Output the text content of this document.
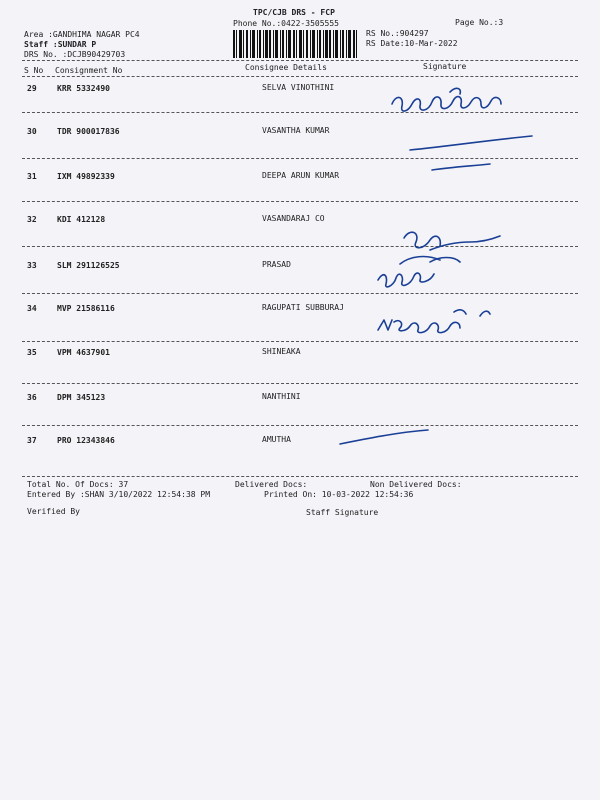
TPC/CJB DRS - FCP
Phone No.:0422-3505555	Page No.:3
Area :GANDHIMA NAGAR PC4
Staff :SUNDAR P
DRS No. :DCJB90429703
RS No.:904297
RS Date:10-Mar-2022
S No Consignment No	Consignee Details	Signature
29	KRR 5332490	SELVA VINOTHINI
30	TDR 900017836	VASANTHA KUMAR
31	IXM 49892339	DEEPA ARUN KUMAR
32	KDI 412128	VASANDARAJ CO
33	SLM 291126525	PRASAD
34	MVP 21586116	RAGUPATI SUBBURAJ
35	VPM 4637901	SHINEAKA
36	DPM 345123	NANTHINI
37	PRO 12343846	AMUTHA
Total No. Of Docs: 37	Delivered Docs:	Non Delivered Docs:
Entered By :SHAN 3/10/2022 12:54:38 PM	Printed On: 10-03-2022 12:54:36
Verified By	Staff Signature
Ragelkum
Tam
Rembatnyam
P. Sheela 7339141555
Nandhiji.k 9514511286
Amutha
9843411947
